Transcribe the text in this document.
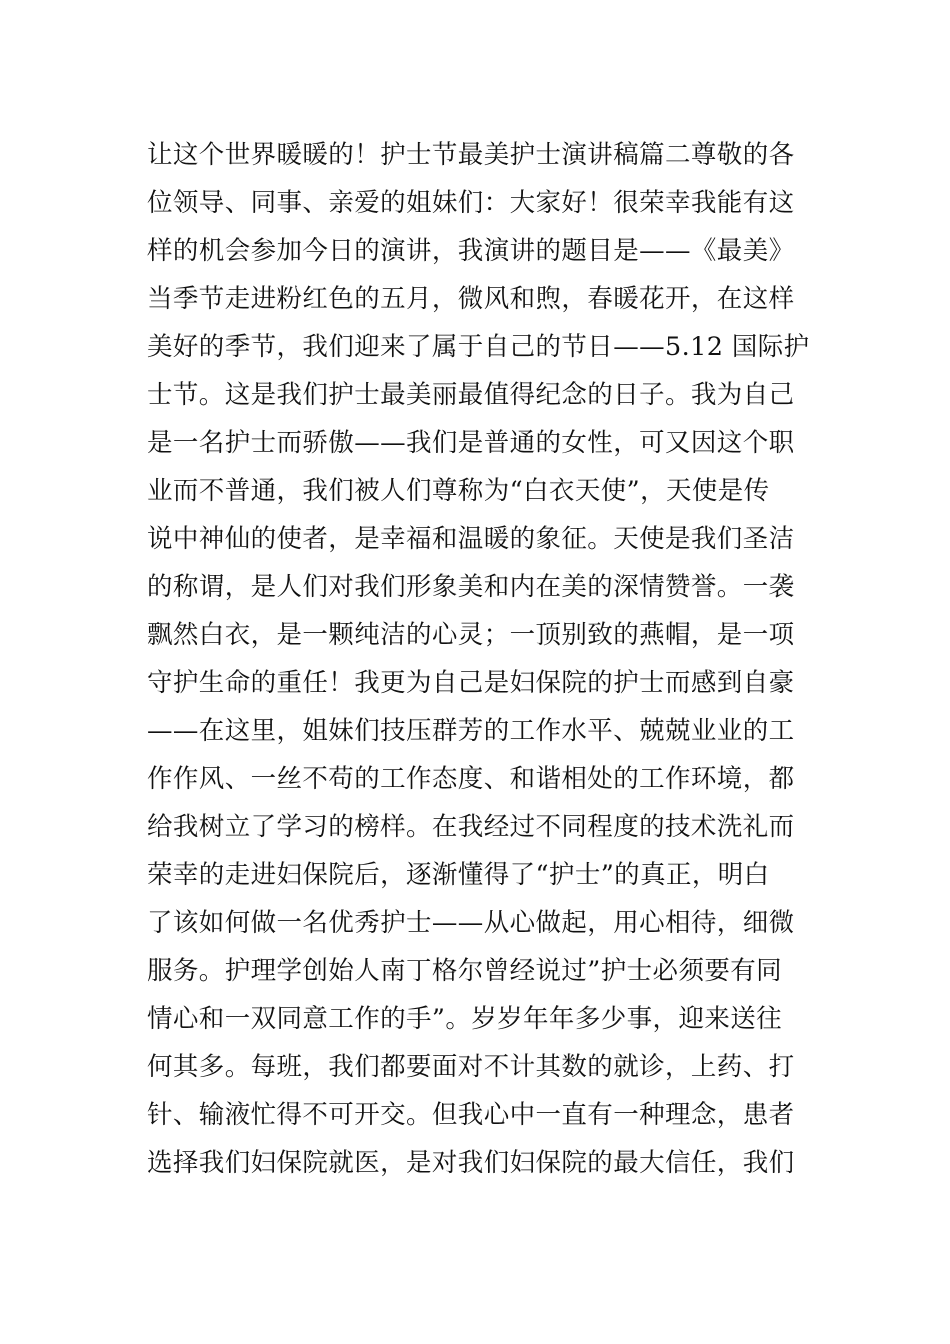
让这个世界暖暖的！护士节最美护士演讲稿篇二尊敬的各
位领导、同事、亲爱的姐妹们：大家好！很荣幸我能有这
样的机会参加今日的演讲，我演讲的题目是——《最美》
当季节走进粉红色的五月，微风和煦，春暖花开，在这样
美好的季节，我们迎来了属于自己的节日——5.12 国际护
士节。这是我们护士最美丽最值得纪念的日子。我为自己
是一名护士而骄傲——我们是普通的女性，可又因这个职
业而不普通，我们被人们尊称为“白衣天使”，天使是传
说中神仙的使者，是幸福和温暖的象征。天使是我们圣洁
的称谓，是人们对我们形象美和内在美的深情赞誉。一袭
飘然白衣，是一颗纯洁的心灵；一顶别致的燕帽，是一项
守护生命的重任！我更为自己是妇保院的护士而感到自豪
——在这里，姐妹们技压群芳的工作水平、兢兢业业的工
作作风、一丝不苟的工作态度、和谐相处的工作环境，都
给我树立了学习的榜样。在我经过不同程度的技术洗礼而
荣幸的走进妇保院后，逐渐懂得了“护士”的真正，明白
了该如何做一名优秀护士——从心做起，用心相待，细微
服务。护理学创始人南丁格尔曾经说过”护士必须要有同
情心和一双同意工作的手”。岁岁年年多少事，迎来送往
何其多。每班，我们都要面对不计其数的就诊，上药、打
针、输液忙得不可开交。但我心中一直有一种理念，患者
选择我们妇保院就医，是对我们妇保院的最大信任，我们
